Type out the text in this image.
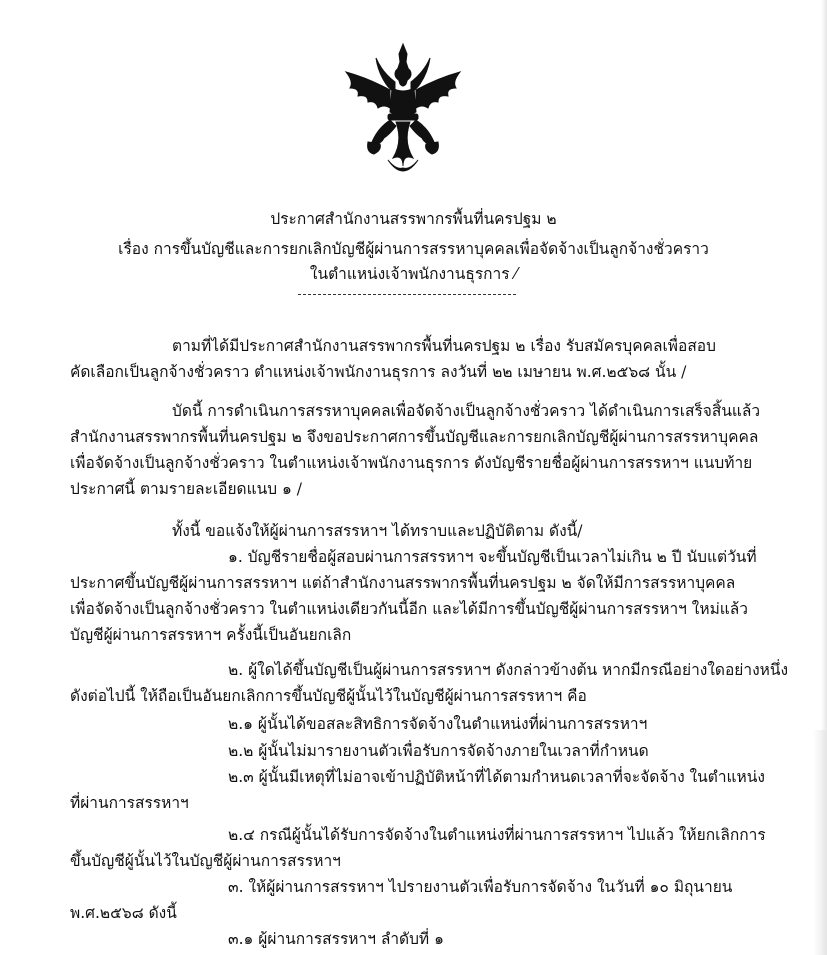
ประกาศสำนักงานสรรพากรพื้นที่นครปฐม ๒
เรื่อง การขึ้นบัญชีและการยกเลิกบัญชีผู้ผ่านการสรรหาบุคคลเพื่อจัดจ้างเป็นลูกจ้างชั่วคราว
ในตำแหน่งเจ้าพนักงานธุรการ ⁄
ตามที่ได้มีประกาศสำนักงานสรรพากรพื้นที่นครปฐม ๒ เรื่อง รับสมัครบุคคลเพื่อสอบ
คัดเลือกเป็นลูกจ้างชั่วคราว ตำแหน่งเจ้าพนักงานธุรการ ลงวันที่ ๒๒ เมษายน พ.ศ.๒๕๖๘ นั้น /
บัดนี้ การดำเนินการสรรหาบุคคลเพื่อจัดจ้างเป็นลูกจ้างชั่วคราว ได้ดำเนินการเสร็จสิ้นแล้ว
สำนักงานสรรพากรพื้นที่นครปฐม ๒ จึงขอประกาศการขึ้นบัญชีและการยกเลิกบัญชีผู้ผ่านการสรรหาบุคคล
เพื่อจัดจ้างเป็นลูกจ้างชั่วคราว ในตำแหน่งเจ้าพนักงานธุรการ ดังบัญชีรายชื่อผู้ผ่านการสรรหาฯ แนบท้าย
ประกาศนี้ ตามรายละเอียดแนบ ๑ /
ทั้งนี้ ขอแจ้งให้ผู้ผ่านการสรรหาฯ ได้ทราบและปฏิบัติตาม ดังนี้/
๑. บัญชีรายชื่อผู้สอบผ่านการสรรหาฯ จะขึ้นบัญชีเป็นเวลาไม่เกิน ๒ ปี นับแต่วันที่
ประกาศขึ้นบัญชีผู้ผ่านการสรรหาฯ แต่ถ้าสำนักงานสรรพากรพื้นที่นครปฐม ๒ จัดให้มีการสรรหาบุคคล
เพื่อจัดจ้างเป็นลูกจ้างชั่วคราว ในตำแหน่งเดียวกันนี้อีก และได้มีการขึ้นบัญชีผู้ผ่านการสรรหาฯ ใหม่แล้ว
บัญชีผู้ผ่านการสรรหาฯ ครั้งนี้เป็นอันยกเลิก
๒. ผู้ใดได้ขึ้นบัญชีเป็นผู้ผ่านการสรรหาฯ ดังกล่าวข้างต้น หากมีกรณีอย่างใดอย่างหนึ่ง
ดังต่อไปนี้ ให้ถือเป็นอันยกเลิกการขึ้นบัญชีผู้นั้นไว้ในบัญชีผู้ผ่านการสรรหาฯ คือ
๒.๑ ผู้นั้นได้ขอสละสิทธิการจัดจ้างในตำแหน่งที่ผ่านการสรรหาฯ
๒.๒ ผู้นั้นไม่มารายงานตัวเพื่อรับการจัดจ้างภายในเวลาที่กำหนด
๒.๓ ผู้นั้นมีเหตุที่ไม่อาจเข้าปฏิบัติหน้าที่ได้ตามกำหนดเวลาที่จะจัดจ้าง ในตำแหน่ง
ที่ผ่านการสรรหาฯ
๒.๔ กรณีผู้นั้นได้รับการจัดจ้างในตำแหน่งที่ผ่านการสรรหาฯ ไปแล้ว ให้ยกเลิกการ
ขึ้นบัญชีผู้นั้นไว้ในบัญชีผู้ผ่านการสรรหาฯ
๓. ให้ผู้ผ่านการสรรหาฯ ไปรายงานตัวเพื่อรับการจัดจ้าง ในวันที่ ๑๐ มิถุนายน
พ.ศ.๒๕๖๘ ดังนี้
๓.๑ ผู้ผ่านการสรรหาฯ ลำดับที่ ๑
